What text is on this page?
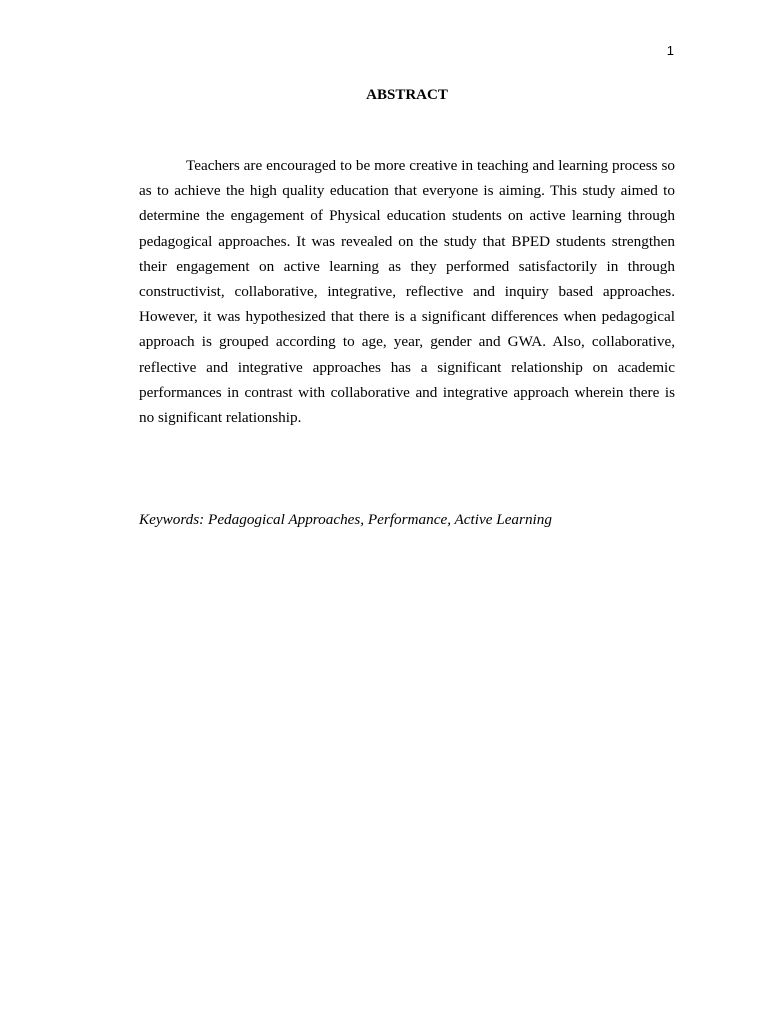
1
ABSTRACT

Teachers are encouraged to be more creative in teaching and learning process so as to achieve the high quality education that everyone is aiming. This study aimed to determine the engagement of Physical education students on active learning through pedagogical approaches. It was revealed on the study that BPED students strengthen their engagement on active learning as they performed satisfactorily in through constructivist, collaborative, integrative, reflective and inquiry based approaches. However, it was hypothesized that there is a significant differences when pedagogical approach is grouped according to age, year, gender and GWA. Also, collaborative, reflective and integrative approaches has a significant relationship on academic performances in contrast with collaborative and integrative approach wherein there is no significant relationship.

Keywords: Pedagogical Approaches, Performance, Active Learning
